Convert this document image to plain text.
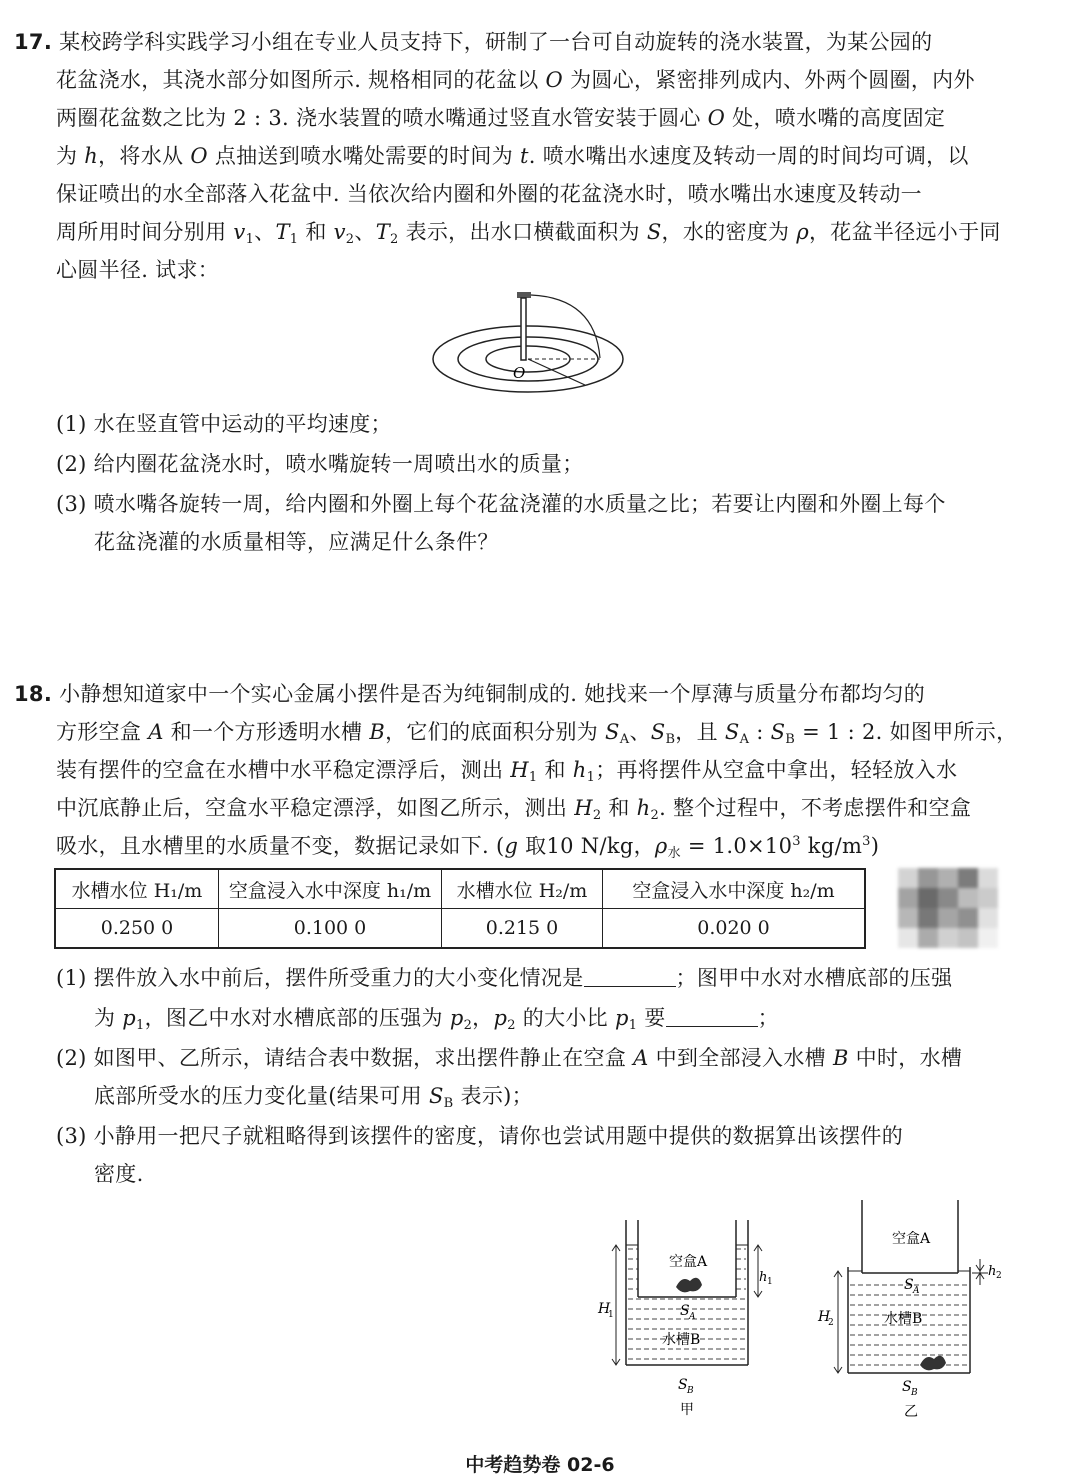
17. 某校跨学科实践学习小组在专业人员支持下，研制了一台可自动旋转的浇水装置，为某公园的
花盆浇水，其浇水部分如图所示. 规格相同的花盆以 O 为圆心，紧密排列成内、外两个圆圈，内外
两圈花盆数之比为 2 : 3. 浇水装置的喷水嘴通过竖直水管安装于圆心 O 处，喷水嘴的高度固定
为 h，将水从 O 点抽送到喷水嘴处需要的时间为 t. 喷水嘴出水速度及转动一周的时间均可调，以
保证喷出的水全部落入花盆中. 当依次给内圈和外圈的花盆浇水时，喷水嘴出水速度及转动一
周所用时间分别用 $v_1$、$T_1$ 和 $v_2$、$T_2$ 表示，出水口横截面积为 S，水的密度为 ρ，花盆半径远小于同
心圆半径. 试求：
O
(1) 水在竖直管中运动的平均速度；
(2) 给内圈花盆浇水时，喷水嘴旋转一周喷出水的质量；
(3) 喷水嘴各旋转一周，给内圈和外圈上每个花盆浇灌的水质量之比；若要让内圈和外圈上每个
花盆浇灌的水质量相等，应满足什么条件？
18. 小静想知道家中一个实心金属小摆件是否为纯铜制成的. 她找来一个厚薄与质量分布都均匀的
方形空盒 A 和一个方形透明水槽 B，它们的底面积分别为 $S_A$、$S_B$，且 $S_A$ : $S_B = 1$ : 2. 如图甲所示，
装有摆件的空盒在水槽中水平稳定漂浮后，测出 $H_1$ 和 $h_1$；再将摆件从空盒中拿出，轻轻放入水
中沉底静止后，空盒水平稳定漂浮，如图乙所示，测出 $H_2$ 和 $h_2$. 整个过程中，不考虑摆件和空盒
吸水，且水槽里的水质量不变，数据记录如下. (g 取10 N/kg，$\rho_水 = 1.0\times 10^3$ $kg/m^3$)
水槽水位 H₁/m	空盒浸入水中深度 h₁/m	水槽水位 H₂/m	空盒浸入水中深度 h₂/m
0.250 0	0.100 0	0.215 0	0.020 0
(1) 摆件放入水中前后，摆件所受重力的大小变化情况是	；图甲中水对水槽底部的压强
为 $p_1$，图乙中水对水槽底部的压强为 $p_2$，$p_2$ 的大小比 $p_1$ 要	；
(2) 如图甲、乙所示，请结合表中数据，求出摆件静止在空盒 A 中到全部浸入水槽 B 中时，水槽
底部所受水的压力变化量(结果可用 $S_B$ 表示)；
(3) 小静用一把尺子就粗略得到该摆件的密度，请你也尝试用题中提供的数据算出该摆件的
密度.
空盒A
S A
水槽B
S B
H
1
h 1
甲
空盒A
S A
水槽B
S B
H
2
h 2
乙
中考趋势卷 02-6
